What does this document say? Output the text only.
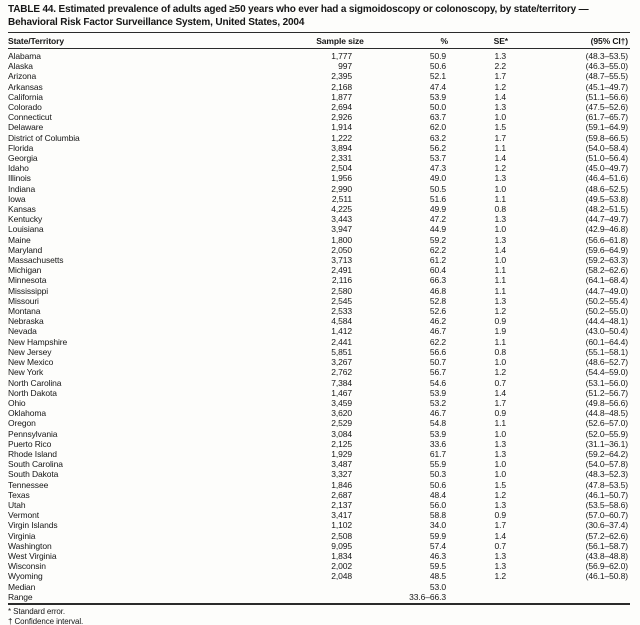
TABLE 44. Estimated prevalence of adults aged ≥50 years who ever had a sigmoidoscopy or colonoscopy, by state/territory —
Behavioral Risk Factor Surveillance System, United States, 2004
State/Territory	Sample size	%	SE*	(95% CI†)
Alabama	1,777	50.9	1.3	(48.3–53.5)
Alaska	997	50.6	2.2	(46.3–55.0)
Arizona	2,395	52.1	1.7	(48.7–55.5)
Arkansas	2,168	47.4	1.2	(45.1–49.7)
California	1,877	53.9	1.4	(51.1–56.6)
Colorado	2,694	50.0	1.3	(47.5–52.6)
Connecticut	2,926	63.7	1.0	(61.7–65.7)
Delaware	1,914	62.0	1.5	(59.1–64.9)
District of Columbia	1,222	63.2	1.7	(59.8–66.5)
Florida	3,894	56.2	1.1	(54.0–58.4)
Georgia	2,331	53.7	1.4	(51.0–56.4)
Idaho	2,504	47.3	1.2	(45.0–49.7)
Illinois	1,956	49.0	1.3	(46.4–51.6)
Indiana	2,990	50.5	1.0	(48.6–52.5)
Iowa	2,511	51.6	1.1	(49.5–53.8)
Kansas	4,225	49.9	0.8	(48.2–51.5)
Kentucky	3,443	47.2	1.3	(44.7–49.7)
Louisiana	3,947	44.9	1.0	(42.9–46.8)
Maine	1,800	59.2	1.3	(56.6–61.8)
Maryland	2,050	62.2	1.4	(59.6–64.9)
Massachusetts	3,713	61.2	1.0	(59.2–63.3)
Michigan	2,491	60.4	1.1	(58.2–62.6)
Minnesota	2,116	66.3	1.1	(64.1–68.4)
Mississippi	2,580	46.8	1.1	(44.7–49.0)
Missouri	2,545	52.8	1.3	(50.2–55.4)
Montana	2,533	52.6	1.2	(50.2–55.0)
Nebraska	4,584	46.2	0.9	(44.4–48.1)
Nevada	1,412	46.7	1.9	(43.0–50.4)
New Hampshire	2,441	62.2	1.1	(60.1–64.4)
New Jersey	5,851	56.6	0.8	(55.1–58.1)
New Mexico	3,267	50.7	1.0	(48.6–52.7)
New York	2,762	56.7	1.2	(54.4–59.0)
North Carolina	7,384	54.6	0.7	(53.1–56.0)
North Dakota	1,467	53.9	1.4	(51.2–56.7)
Ohio	3,459	53.2	1.7	(49.8–56.6)
Oklahoma	3,620	46.7	0.9	(44.8–48.5)
Oregon	2,529	54.8	1.1	(52.6–57.0)
Pennsylvania	3,084	53.9	1.0	(52.0–55.9)
Puerto Rico	2,125	33.6	1.3	(31.1–36.1)
Rhode Island	1,929	61.7	1.3	(59.2–64.2)
South Carolina	3,487	55.9	1.0	(54.0–57.8)
South Dakota	3,327	50.3	1.0	(48.3–52.3)
Tennessee	1,846	50.6	1.5	(47.8–53.5)
Texas	2,687	48.4	1.2	(46.1–50.7)
Utah	2,137	56.0	1.3	(53.5–58.6)
Vermont	3,417	58.8	0.9	(57.0–60.7)
Virgin Islands	1,102	34.0	1.7	(30.6–37.4)
Virginia	2,508	59.9	1.4	(57.2–62.6)
Washington	9,095	57.4	0.7	(56.1–58.7)
West Virginia	1,834	46.3	1.3	(43.8–48.8)
Wisconsin	2,002	59.5	1.3	(56.9–62.0)
Wyoming	2,048	48.5	1.2	(46.1–50.8)
Median		53.0		
Range		33.6–66.3		
* Standard error.
† Confidence interval.
